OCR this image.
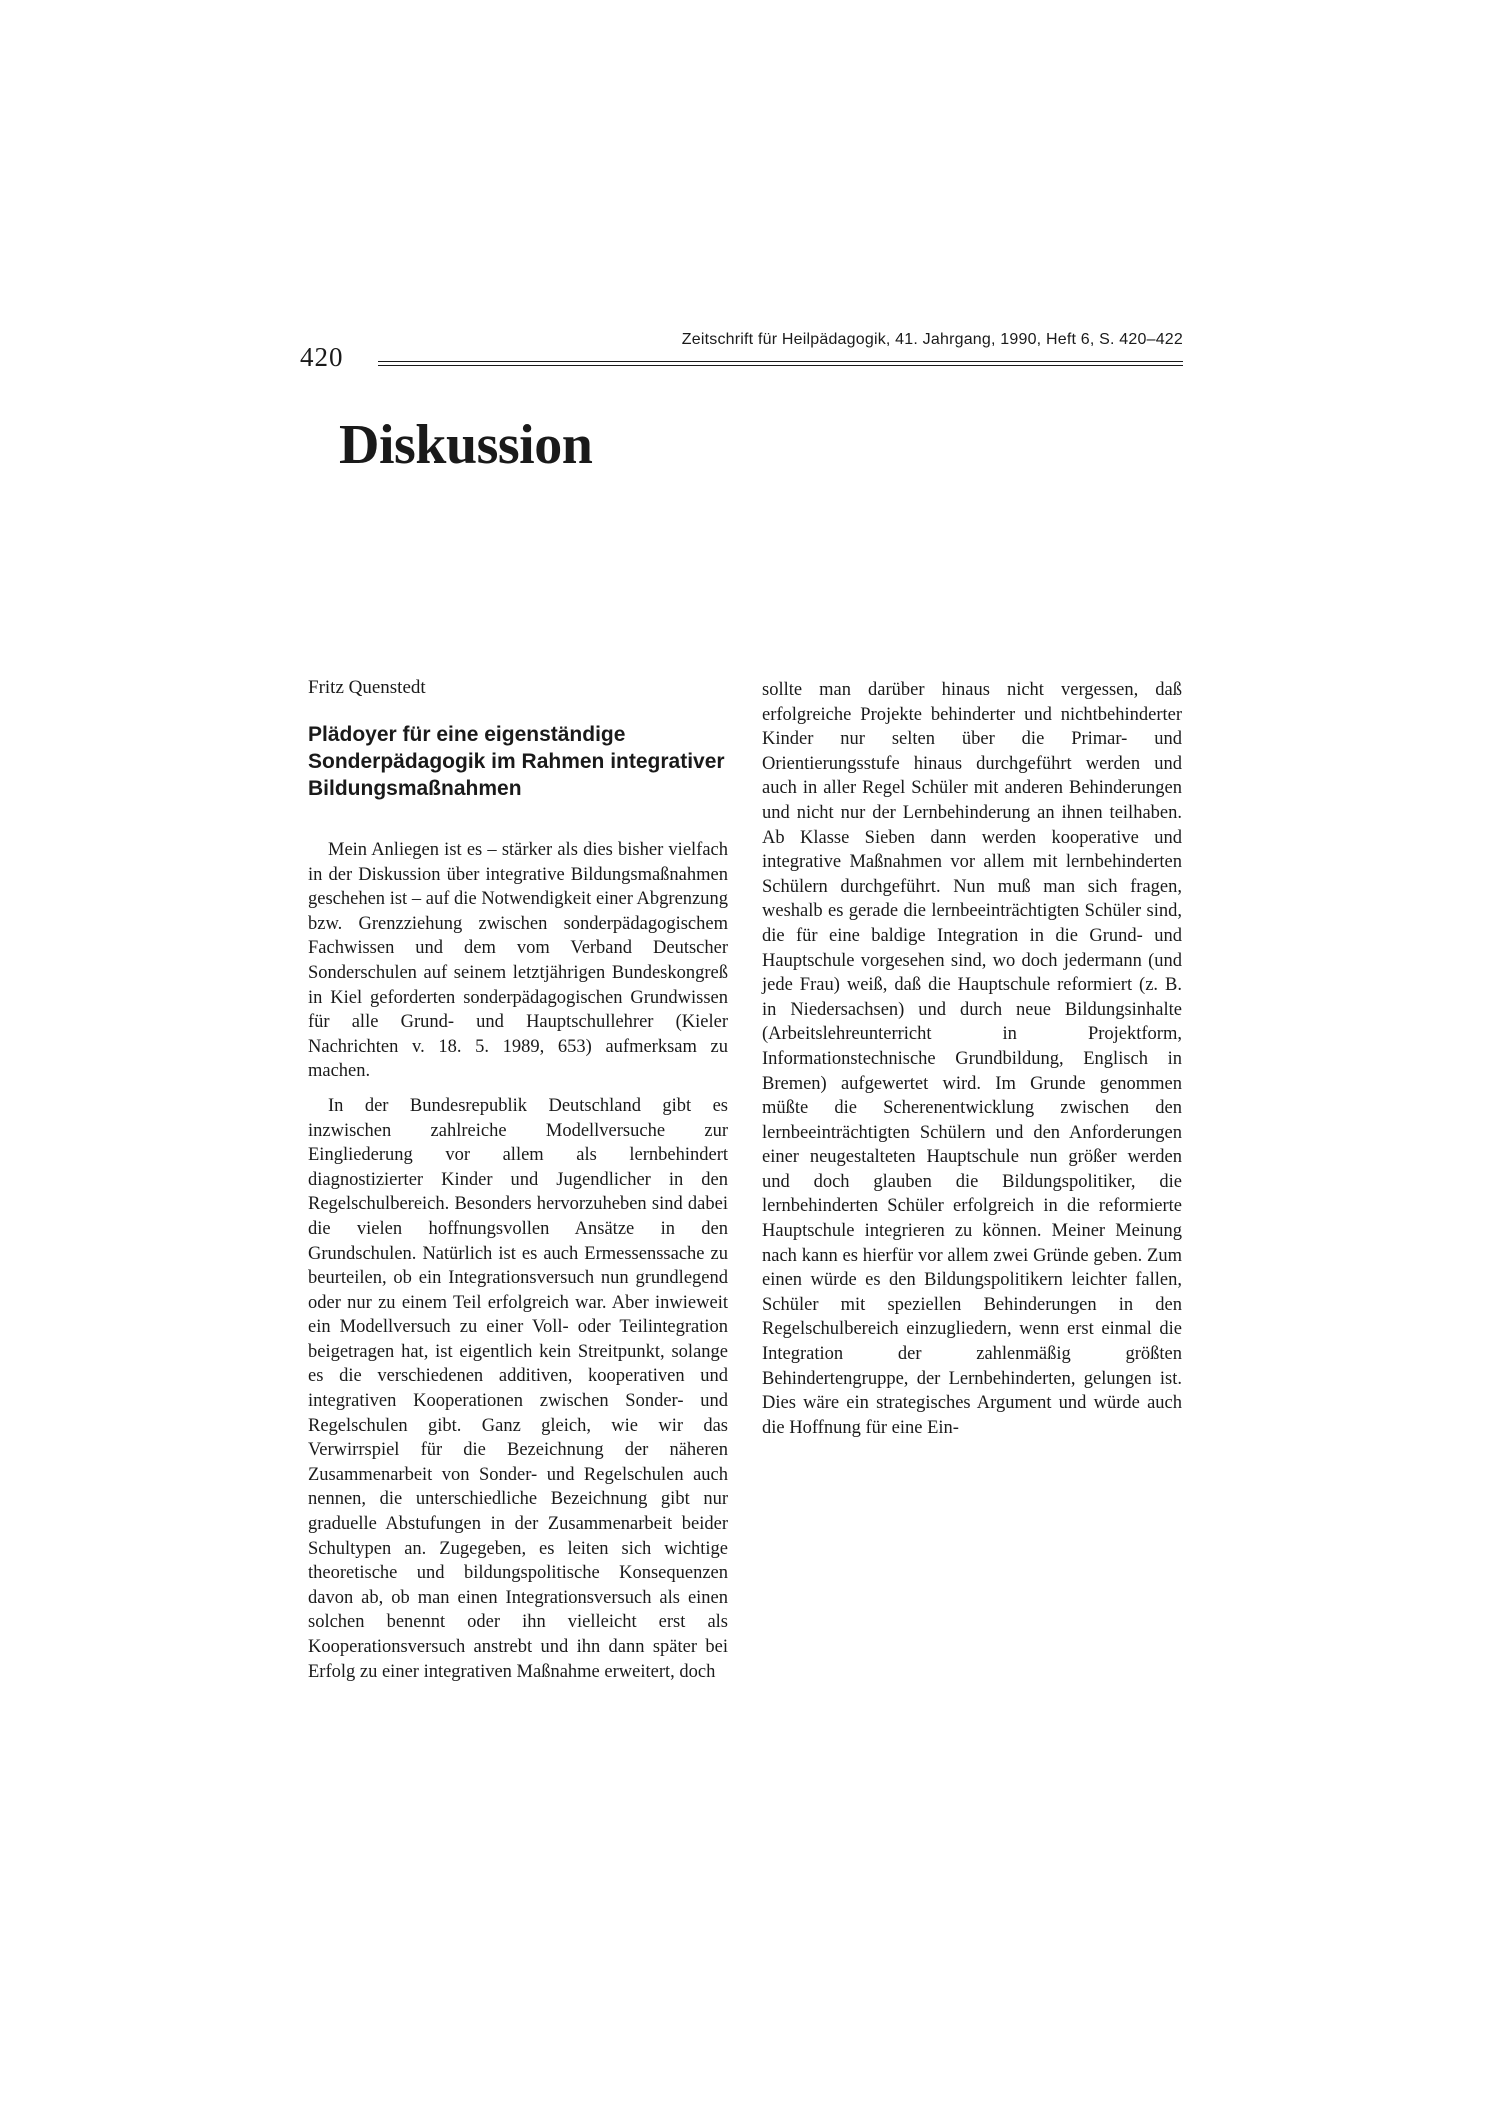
420
Zeitschrift für Heilpädagogik, 41. Jahrgang, 1990, Heft 6, S. 420–422
Diskussion

Fritz Quenstedt

Plädoyer für eine eigenständige Sonderpädagogik im Rahmen integrativer Bildungsmaßnahmen

Mein Anliegen ist es – stärker als dies bisher vielfach in der Diskussion über integrative Bildungsmaßnahmen geschehen ist – auf die Notwendigkeit einer Abgrenzung bzw. Grenzziehung zwischen sonderpädagogischem Fachwissen und dem vom Verband Deutscher Sonderschulen auf seinem letztjährigen Bundeskongreß in Kiel geforderten sonderpädagogischen Grundwissen für alle Grund- und Hauptschullehrer (Kieler Nachrichten v. 18. 5. 1989, 653) aufmerksam zu machen.

In der Bundesrepublik Deutschland gibt es inzwischen zahlreiche Modellversuche zur Eingliederung vor allem als lernbehindert diagnostizierter Kinder und Jugendlicher in den Regelschulbereich. Besonders hervorzuheben sind dabei die vielen hoffnungsvollen Ansätze in den Grundschulen. Natürlich ist es auch Ermessenssache zu beurteilen, ob ein Integrationsversuch nun grundlegend oder nur zu einem Teil erfolgreich war. Aber inwieweit ein Modellversuch zu einer Voll- oder Teilintegration beigetragen hat, ist eigentlich kein Streitpunkt, solange es die verschiedenen additiven, kooperativen und integrativen Kooperationen zwischen Sonder- und Regelschulen gibt. Ganz gleich, wie wir das Verwirrspiel für die Bezeichnung der näheren Zusammenarbeit von Sonder- und Regelschulen auch nennen, die unterschiedliche Bezeichnung gibt nur graduelle Abstufungen in der Zusammenarbeit beider Schultypen an. Zugegeben, es leiten sich wichtige theoretische und bildungspolitische Konsequenzen davon ab, ob man einen Integrationsversuch als einen solchen benennt oder ihn vielleicht erst als Kooperationsversuch anstrebt und ihn dann später bei Erfolg zu einer integrativen Maßnahme erweitert, doch

sollte man darüber hinaus nicht vergessen, daß erfolgreiche Projekte behinderter und nichtbehinderter Kinder nur selten über die Primar- und Orientierungsstufe hinaus durchgeführt werden und auch in aller Regel Schüler mit anderen Behinderungen und nicht nur der Lernbehinderung an ihnen teilhaben. Ab Klasse Sieben dann werden kooperative und integrative Maßnahmen vor allem mit lernbehinderten Schülern durchgeführt. Nun muß man sich fragen, weshalb es gerade die lernbeeinträchtigten Schüler sind, die für eine baldige Integration in die Grund- und Hauptschule vorgesehen sind, wo doch jedermann (und jede Frau) weiß, daß die Hauptschule reformiert (z. B. in Niedersachsen) und durch neue Bildungsinhalte (Arbeitslehreunterricht in Projektform, Informationstechnische Grundbildung, Englisch in Bremen) aufgewertet wird. Im Grunde genommen müßte die Scherenentwicklung zwischen den lernbeeinträchtigten Schülern und den Anforderungen einer neugestalteten Hauptschule nun größer werden und doch glauben die Bildungspolitiker, die lernbehinderten Schüler erfolgreich in die reformierte Hauptschule integrieren zu können. Meiner Meinung nach kann es hierfür vor allem zwei Gründe geben. Zum einen würde es den Bildungspolitikern leichter fallen, Schüler mit speziellen Behinderungen in den Regelschulbereich einzugliedern, wenn erst einmal die Integration der zahlenmäßig größten Behindertengruppe, der Lernbehinderten, gelungen ist. Dies wäre ein strategisches Argument und würde auch die Hoffnung für eine Ein-
